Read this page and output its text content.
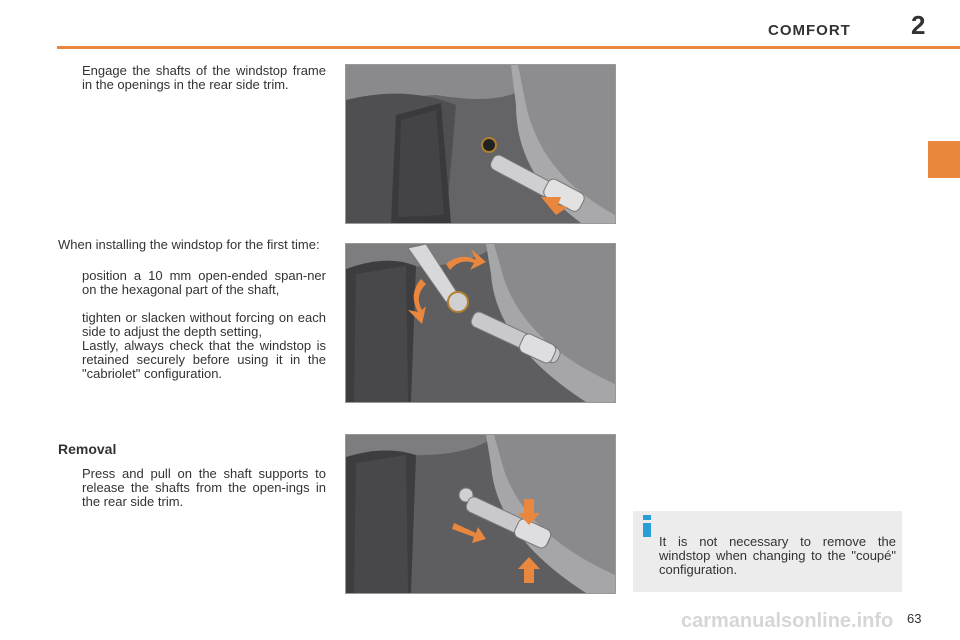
COMFORT 2
Engage the shafts of the windstop frame in the openings in the rear side trim.
When installing the windstop for the first time:
position a 10 mm open-ended span-ner on the hexagonal part of the shaft,
tighten or slacken without forcing on each side to adjust the depth setting,
Lastly, always check that the windstop is retained securely before using it in the "cabriolet" configuration.
Removal
Press and pull on the shaft supports to release the shafts from the open-ings in the rear side trim.
It is not necessary to remove the windstop when changing to the "coupé" configuration.
63
carmanualsonline.info
